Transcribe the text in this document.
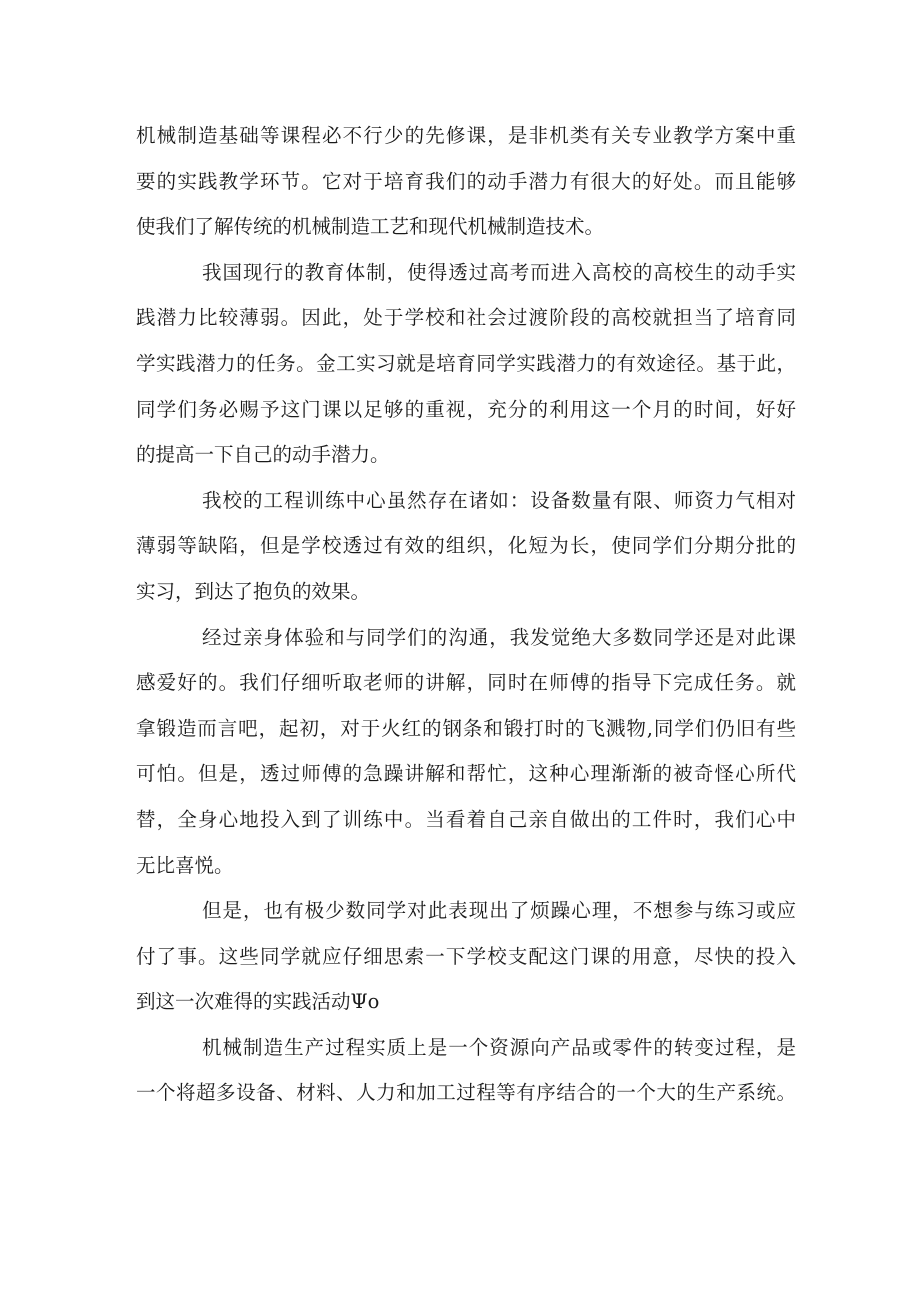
机械制造基础等课程必不行少的先修课，是非机类有关专业教学方案中重
要的实践教学环节。它对于培育我们的动手潜力有很大的好处。而且能够
使我们了解传统的机械制造工艺和现代机械制造技术。
我国现行的教育体制，使得透过高考而进入高校的高校生的动手实
践潜力比较薄弱。因此，处于学校和社会过渡阶段的高校就担当了培育同
学实践潜力的任务。金工实习就是培育同学实践潜力的有效途径。基于此，
同学们务必赐予这门课以足够的重视，充分的利用这一个月的时间，好好
的提高一下自己的动手潜力。
我校的工程训练中心虽然存在诸如：设备数量有限、师资力气相对
薄弱等缺陷，但是学校透过有效的组织，化短为长，使同学们分期分批的
实习，到达了抱负的效果。
经过亲身体验和与同学们的沟通，我发觉绝大多数同学还是对此课
感爱好的。我们仔细听取老师的讲解，同时在师傅的指导下完成任务。就
拿锻造而言吧，起初，对于火红的钢条和锻打时的飞溅物,同学们仍旧有些
可怕。但是，透过师傅的急躁讲解和帮忙，这种心理渐渐的被奇怪心所代
替，全身心地投入到了训练中。当看着自己亲自做出的工件时，我们心中
无比喜悦。
但是，也有极少数同学对此表现出了烦躁心理，不想参与练习或应
付了事。这些同学就应仔细思索一下学校支配这门课的用意，尽快的投入
到这一次难得的实践活动Ψo
机械制造生产过程实质上是一个资源向产品或零件的转变过程，是
一个将超多设备、材料、人力和加工过程等有序结合的一个大的生产系统。
